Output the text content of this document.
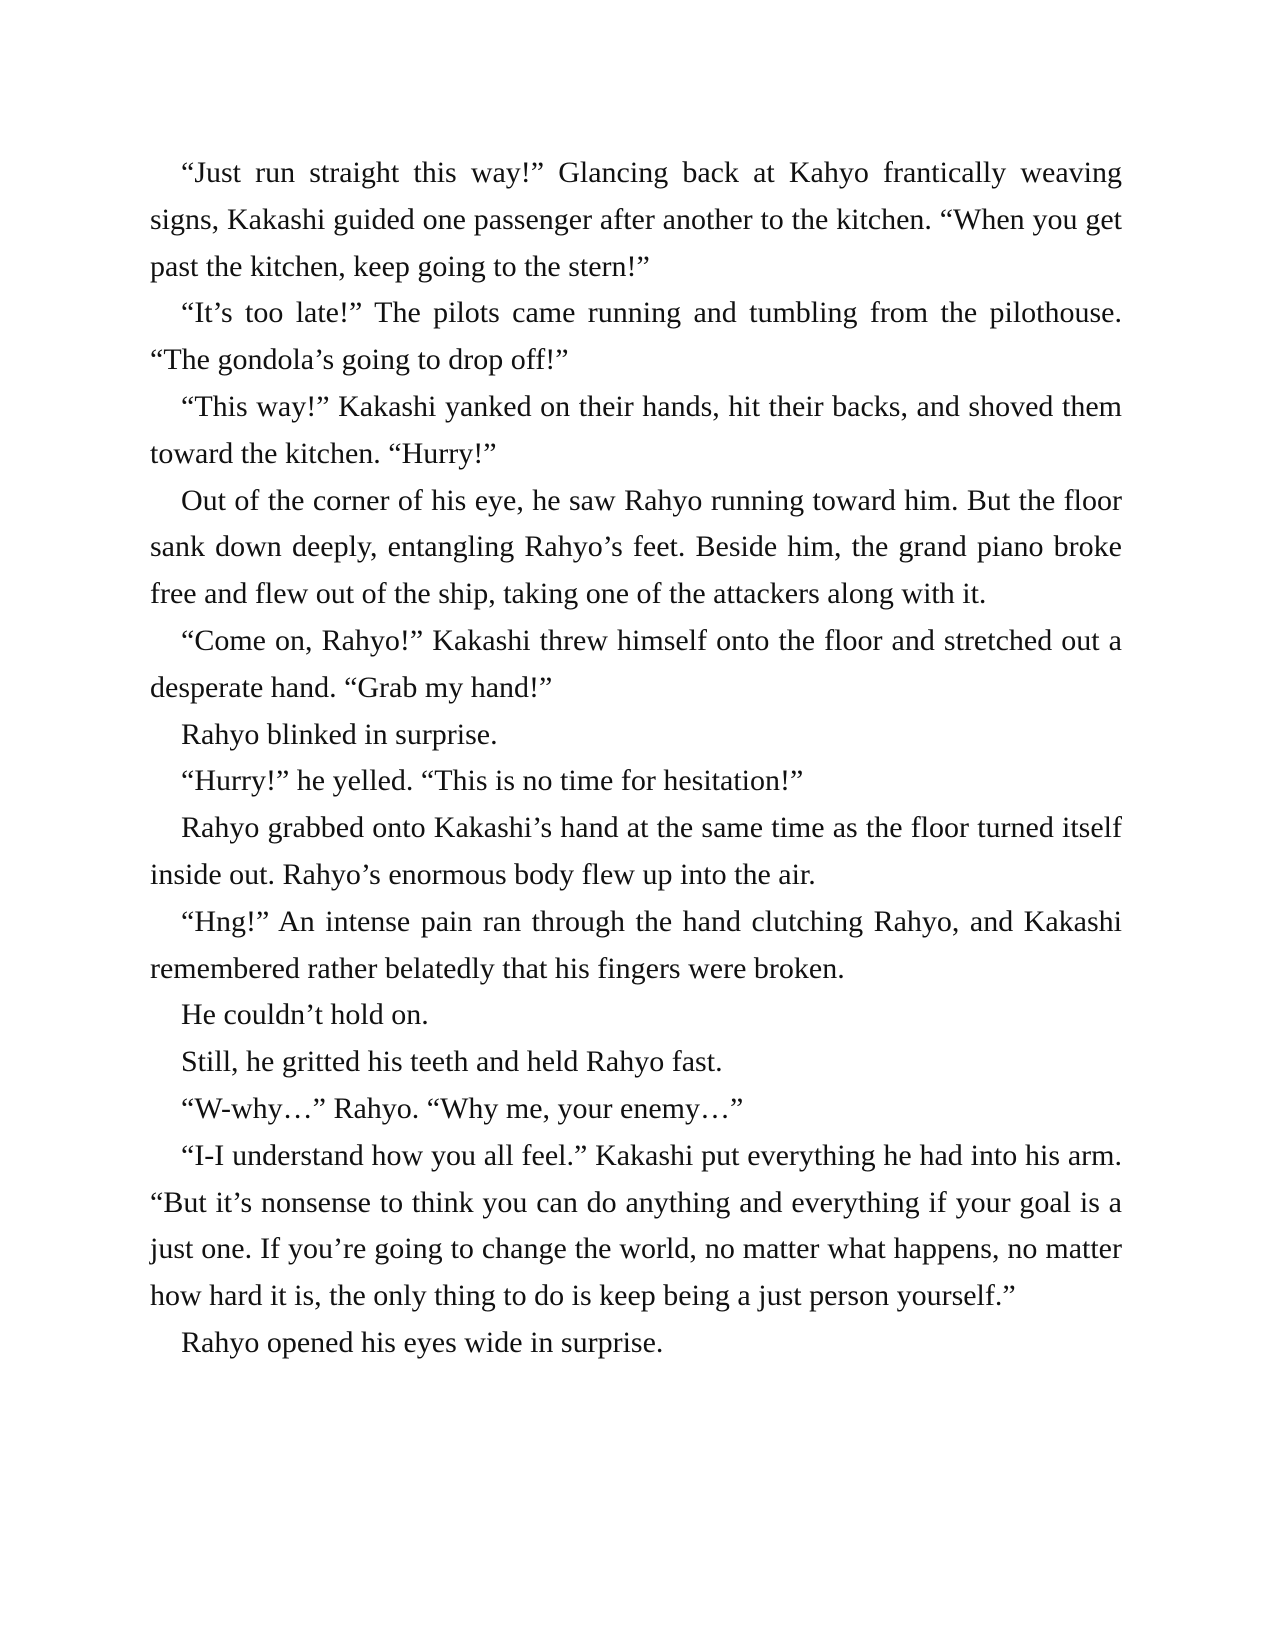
“Just run straight this way!” Glancing back at Kahyo frantically weaving signs, Kakashi guided one passenger after another to the kitchen. “When you get past the kitchen, keep going to the stern!”

“It’s too late!” The pilots came running and tumbling from the pilothouse. “The gondola’s going to drop off!”

“This way!” Kakashi yanked on their hands, hit their backs, and shoved them toward the kitchen. “Hurry!”

Out of the corner of his eye, he saw Rahyo running toward him. But the floor sank down deeply, entangling Rahyo’s feet. Beside him, the grand piano broke free and flew out of the ship, taking one of the attackers along with it.

“Come on, Rahyo!” Kakashi threw himself onto the floor and stretched out a desperate hand. “Grab my hand!”

Rahyo blinked in surprise.

“Hurry!” he yelled. “This is no time for hesitation!”

Rahyo grabbed onto Kakashi’s hand at the same time as the floor turned itself inside out. Rahyo’s enormous body flew up into the air.

“Hng!” An intense pain ran through the hand clutching Rahyo, and Kakashi remembered rather belatedly that his fingers were broken.

He couldn’t hold on.

Still, he gritted his teeth and held Rahyo fast.

“W-why…” Rahyo. “Why me, your enemy…”

“I-I understand how you all feel.” Kakashi put everything he had into his arm. “But it’s nonsense to think you can do anything and everything if your goal is a just one. If you’re going to change the world, no matter what happens, no matter how hard it is, the only thing to do is keep being a just person yourself.”

Rahyo opened his eyes wide in surprise.
